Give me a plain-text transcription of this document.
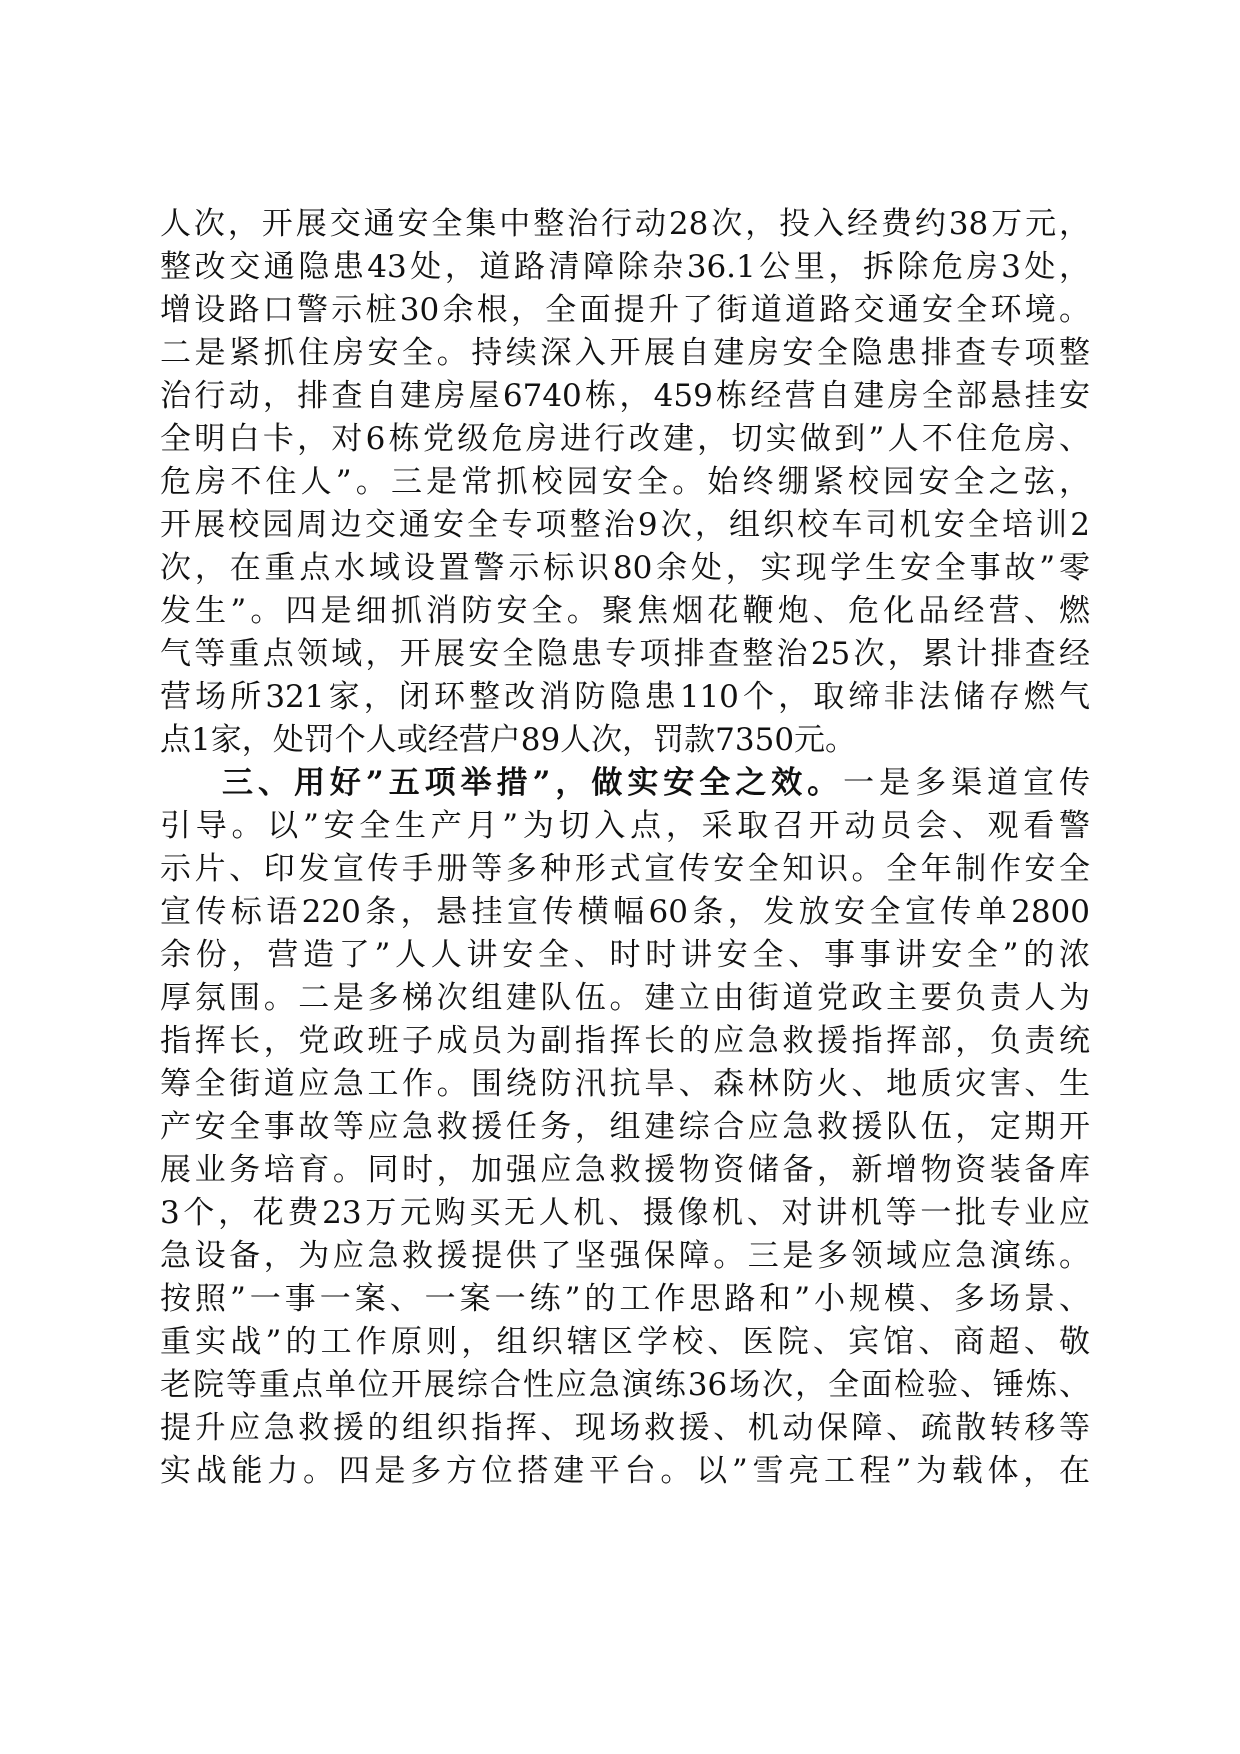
人次，开展交通安全集中整治行动28次，投入经费约38万元，
整改交通隐患43处，道路清障除杂36.1公里，拆除危房3处，
增设路口警示桩30余根，全面提升了街道道路交通安全环境。
二是紧抓住房安全。持续深入开展自建房安全隐患排查专项整
治行动，排查自建房屋6740栋，459栋经营自建房全部悬挂安
全明白卡，对6栋党级危房进行改建，切实做到”人不住危房、
危房不住人”。三是常抓校园安全。始终绷紧校园安全之弦，
开展校园周边交通安全专项整治9次，组织校车司机安全培训2
次，在重点水域设置警示标识80余处，实现学生安全事故”零
发生”。四是细抓消防安全。聚焦烟花鞭炮、危化品经营、燃
气等重点领域，开展安全隐患专项排查整治25次，累计排查经
营场所321家，闭环整改消防隐患110个，取缔非法储存燃气
点1家，处罚个人或经营户89人次，罚款7350元。
三、用好”五项举措”，做实安全之效。一是多渠道宣传
引导。以”安全生产月”为切入点，采取召开动员会、观看警
示片、印发宣传手册等多种形式宣传安全知识。全年制作安全
宣传标语220条，悬挂宣传横幅60条，发放安全宣传单2800
余份，营造了”人人讲安全、时时讲安全、事事讲安全”的浓
厚氛围。二是多梯次组建队伍。建立由街道党政主要负责人为
指挥长，党政班子成员为副指挥长的应急救援指挥部，负责统
筹全街道应急工作。围绕防汛抗旱、森林防火、地质灾害、生
产安全事故等应急救援任务，组建综合应急救援队伍，定期开
展业务培育。同时，加强应急救援物资储备，新增物资装备库
3个，花费23万元购买无人机、摄像机、对讲机等一批专业应
急设备，为应急救援提供了坚强保障。三是多领域应急演练。
按照”一事一案、一案一练”的工作思路和”小规模、多场景、
重实战”的工作原则，组织辖区学校、医院、宾馆、商超、敬
老院等重点单位开展综合性应急演练36场次，全面检验、锤炼、
提升应急救援的组织指挥、现场救援、机动保障、疏散转移等
实战能力。四是多方位搭建平台。以”雪亮工程”为载体，在
